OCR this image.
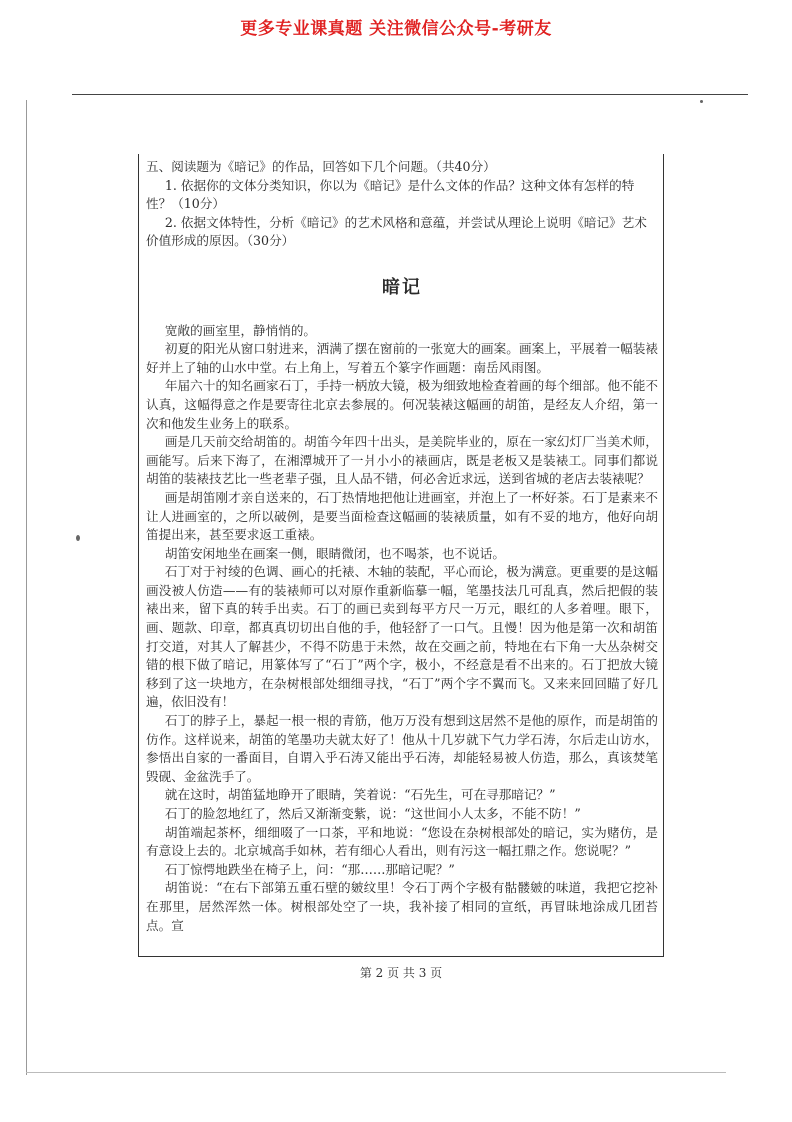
更多专业课真题 关注微信公众号-考研友

五、阅读题为《暗记》的作品，回答如下几个问题。（共40分）

1. 依据你的文体分类知识，你以为《暗记》是什么文体的作品？这种文体有怎样的特性？（10分）

2. 依据文体特性，分析《暗记》的艺术风格和意蕴，并尝试从理论上说明《暗记》艺术价值形成的原因。（30分）

暗记

宽敞的画室里，静悄悄的。

初夏的阳光从窗口射进来，洒满了摆在窗前的一张宽大的画案。画案上，平展着一幅装裱好并上了轴的山水中堂。右上角上，写着五个篆字作画题：南岳风雨图。

年届六十的知名画家石丁，手持一柄放大镜，极为细致地检查着画的每个细部。他不能不认真，这幅得意之作是要寄往北京去参展的。何况装裱这幅画的胡笛，是经友人介绍，第一次和他发生业务上的联系。

画是几天前交给胡笛的。胡笛今年四十出头，是美院毕业的，原在一家幻灯厂当美术师，画能写。后来下海了，在湘潭城开了一爿小小的裱画店，既是老板又是装裱工。同事们都说胡笛的装裱技艺比一些老辈子强，且人品不错，何必舍近求远，送到省城的老店去装裱呢？

画是胡笛刚才亲自送来的，石丁热情地把他让进画室，并泡上了一杯好茶。石丁是素来不让人进画室的，之所以破例，是要当面检查这幅画的装裱质量，如有不妥的地方，他好向胡笛提出来，甚至要求返工重裱。

胡笛安闲地坐在画案一侧，眼睛微闭，也不喝茶，也不说话。

石丁对于衬绫的色调、画心的托裱、木轴的装配，平心而论，极为满意。更重要的是这幅画没被人仿造——有的装裱师可以对原作重新临摹一幅，笔墨技法几可乱真，然后把假的装裱出来，留下真的转手出卖。石丁的画已卖到每平方尺一万元，眼红的人多着哩。眼下，画、题款、印章，都真真切切出自他的手，他轻舒了一口气。且慢！因为他是第一次和胡笛打交道，对其人了解甚少，不得不防患于未然，故在交画之前，特地在右下角一大丛杂树交错的根下做了暗记，用篆体写了“石丁”两个字，极小，不经意是看不出来的。石丁把放大镜移到了这一块地方，在杂树根部处细细寻找，“石丁”两个字不翼而飞。又来来回回瞄了好几遍，依旧没有！

石丁的脖子上，暴起一根一根的青筋，他万万没有想到这居然不是他的原作，而是胡笛的仿作。这样说来，胡笛的笔墨功夫就太好了！他从十几岁就下气力学石涛，尔后走山访水，参悟出自家的一番面目，自谓入乎石涛又能出乎石涛，却能轻易被人仿造，那么，真该焚笔毁砚、金盆洗手了。

就在这时，胡笛猛地睁开了眼睛，笑着说：“石先生，可在寻那暗记？”

石丁的脸忽地红了，然后又渐渐变紫，说：“这世间小人太多，不能不防！”

胡笛端起茶杯，细细啜了一口茶，平和地说：“您设在杂树根部处的暗记，实为赌仿，是有意设上去的。北京城高手如林，若有细心人看出，则有污这一幅扛鼎之作。您说呢？”

石丁惊愕地跌坐在椅子上，问：“那……那暗记呢？”

胡笛说：“在右下部第五重石壁的皴纹里！令石丁两个字极有骷髅皴的味道，我把它挖补在那里，居然浑然一体。树根部处空了一块，我补接了相同的宣纸，再冒昧地涂成几团苔点。宣

第 2 页 共 3 页
